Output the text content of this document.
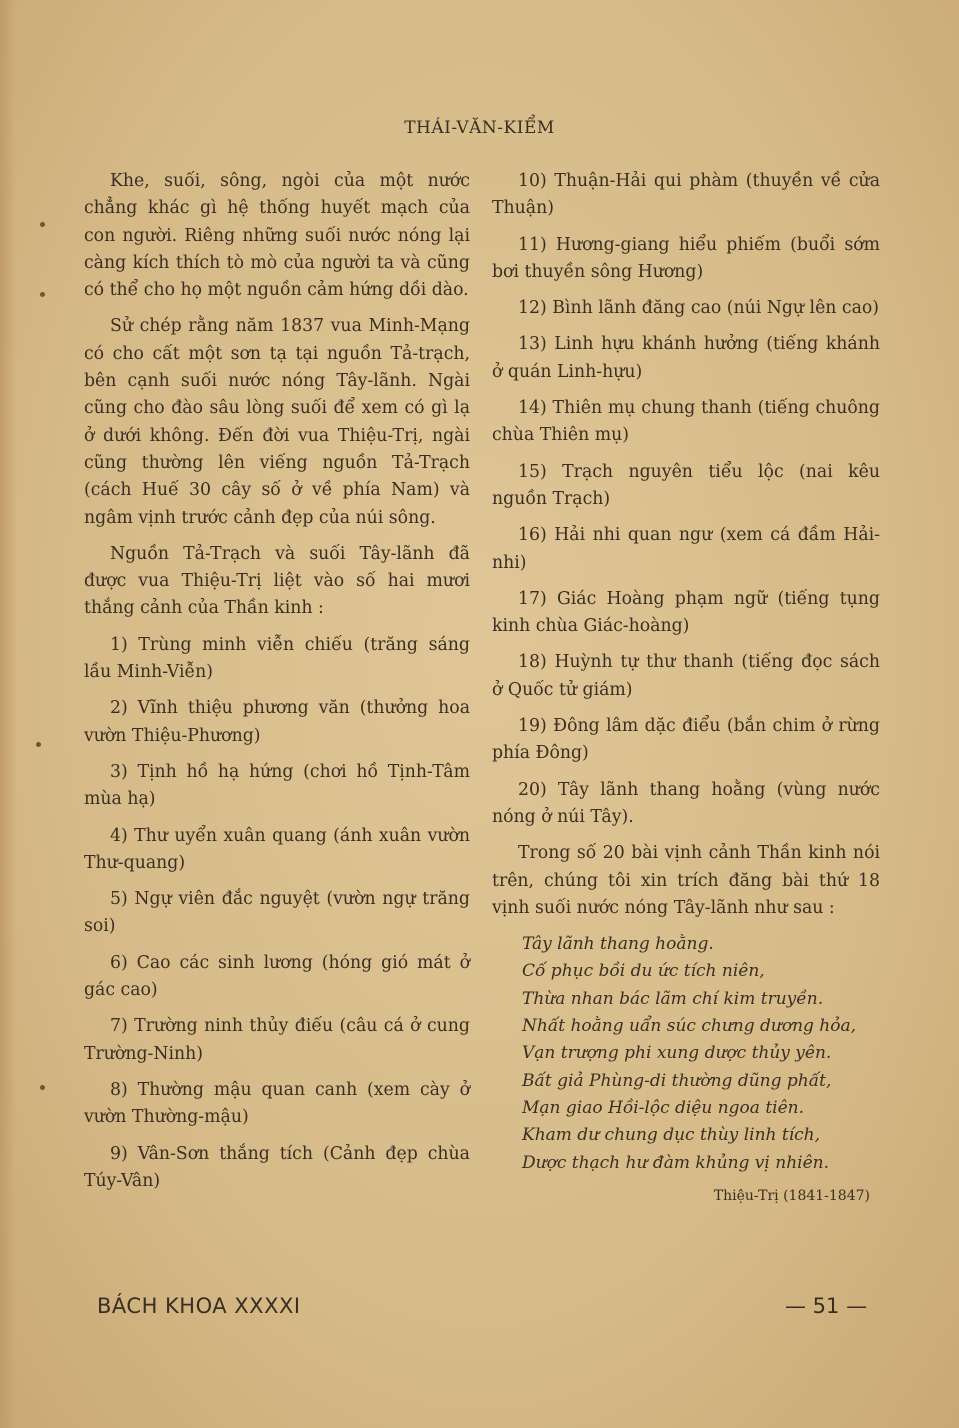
THÁI-VĂN-KIỂM

Khe, suối, sông, ngòi của một nước chẳng khác gì hệ thống huyết mạch của con người. Riêng những suối nước nóng lại càng kích thích tò mò của người ta và cũng có thể cho họ một nguồn cảm hứng dồi dào.

Sử chép rằng năm 1837 vua Minh-Mạng có cho cất một sơn tạ tại nguồn Tả-trạch, bên cạnh suối nước nóng Tây-lãnh. Ngài cũng cho đào sâu lòng suối để xem có gì lạ ở dưới không. Đến đời vua Thiệu-Trị, ngài cũng thường lên viếng nguồn Tả-Trạch (cách Huế 30 cây số ở về phía Nam) và ngâm vịnh trước cảnh đẹp của núi sông.

Nguồn Tả-Trạch và suối Tây-lãnh đã được vua Thiệu-Trị liệt vào số hai mươi thắng cảnh của Thần kinh :

1) Trùng minh viễn chiếu (trăng sáng lầu Minh-Viễn)

2) Vĩnh thiệu phương văn (thưởng hoa vườn Thiệu-Phương)

3) Tịnh hồ hạ hứng (chơi hồ Tịnh-Tâm mùa hạ)

4) Thư uyển xuân quang (ánh xuân vườn Thư-quang)

5) Ngự viên đắc nguyệt (vườn ngự trăng soi)

6) Cao các sinh lương (hóng gió mát ở gác cao)

7) Trường ninh thủy điếu (câu cá ở cung Trường-Ninh)

8) Thường mậu quan canh (xem cày ở vườn Thường-mậu)

9) Vân-Sơn thắng tích (Cảnh đẹp chùa Túy-Vân)

10) Thuận-Hải qui phàm (thuyền về cửa Thuận)

11) Hương-giang hiểu phiếm (buổi sớm bơi thuyền sông Hương)

12) Bình lãnh đăng cao (núi Ngự lên cao)

13) Linh hựu khánh hưởng (tiếng khánh ở quán Linh-hựu)

14) Thiên mụ chung thanh (tiếng chuông chùa Thiên mụ)

15) Trạch nguyên tiểu lộc (nai kêu nguồn Trạch)

16) Hải nhi quan ngư (xem cá đầm Hải-nhi)

17) Giác Hoàng phạm ngữ (tiếng tụng kinh chùa Giác-hoàng)

18) Huỳnh tự thư thanh (tiếng đọc sách ở Quốc tử giám)

19) Đông lâm dặc điểu (bắn chim ở rừng phía Đông)

20) Tây lãnh thang hoằng (vùng nước nóng ở núi Tây).

Trong số 20 bài vịnh cảnh Thần kinh nói trên, chúng tôi xin trích đăng bài thứ 18 vịnh suối nước nóng Tây-lãnh như sau :

Tây lãnh thang hoằng.
Cố phục bồi du ức tích niên,
Thừa nhan bác lãm chí kim truyền.
Nhất hoằng uẩn súc chưng dương hỏa,
Vạn trượng phi xung dược thủy yên.
Bất giả Phùng-di thường dũng phất,
Mạn giao Hồi-lộc diệu ngoa tiên.
Kham dư chung dục thùy linh tích,
Dược thạch hư đàm khủng vị nhiên.
Thiệu-Trị (1841-1847)
BÁCH KHOA XXXXI	— 51 —
